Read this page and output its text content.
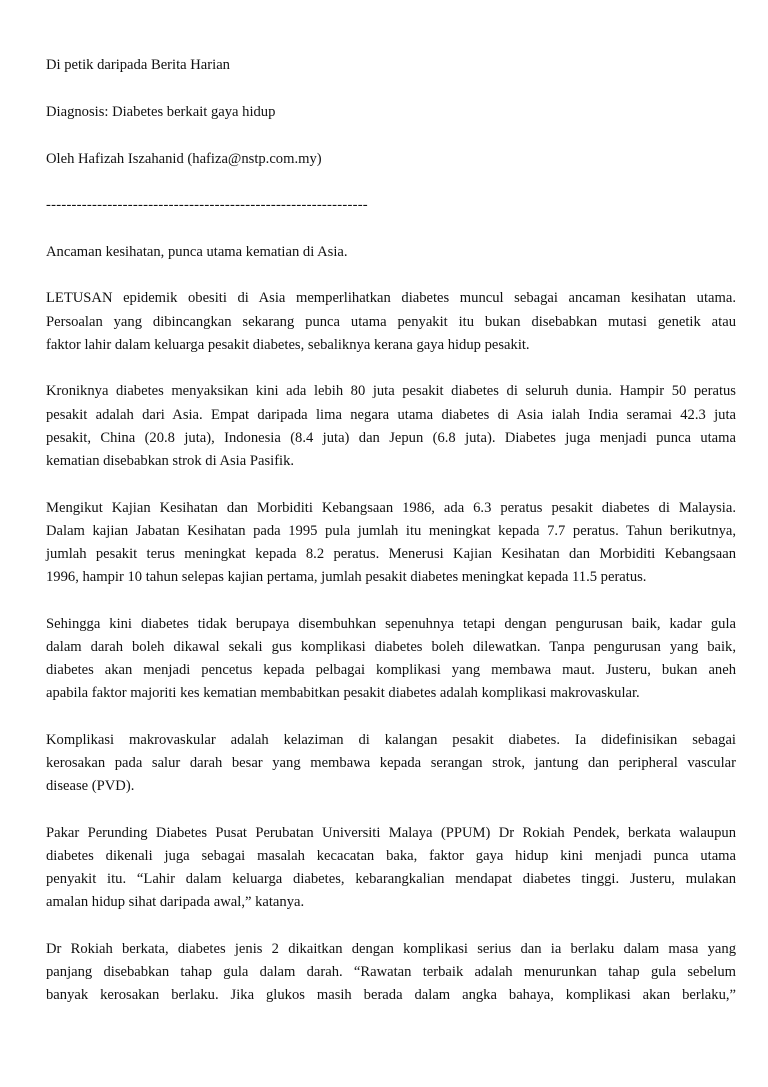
Di petik daripada Berita Harian
Diagnosis: Diabetes berkait gaya hidup
Oleh Hafizah Iszahanid (hafiza@nstp.com.my)
---------------------------------------------------------------
Ancaman kesihatan, punca utama kematian di Asia.
LETUSAN epidemik obesiti di Asia memperlihatkan diabetes muncul sebagai ancaman kesihatan utama.
Persoalan yang dibincangkan sekarang punca utama penyakit itu bukan disebabkan mutasi genetik atau
faktor lahir dalam keluarga pesakit diabetes, sebaliknya kerana gaya hidup pesakit.
Kroniknya diabetes menyaksikan kini ada lebih 80 juta pesakit diabetes di seluruh dunia. Hampir 50 peratus
pesakit adalah dari Asia. Empat daripada lima negara utama diabetes di Asia ialah India seramai 42.3 juta
pesakit, China (20.8 juta), Indonesia (8.4 juta) dan Jepun (6.8 juta). Diabetes juga menjadi punca utama
kematian disebabkan strok di Asia Pasifik.
Mengikut Kajian Kesihatan dan Morbiditi Kebangsaan 1986, ada 6.3 peratus pesakit diabetes di Malaysia.
Dalam kajian Jabatan Kesihatan pada 1995 pula jumlah itu meningkat kepada 7.7 peratus. Tahun berikutnya,
jumlah pesakit terus meningkat kepada 8.2 peratus. Menerusi Kajian Kesihatan dan Morbiditi Kebangsaan
1996, hampir 10 tahun selepas kajian pertama, jumlah pesakit diabetes meningkat kepada 11.5 peratus.
Sehingga kini diabetes tidak berupaya disembuhkan sepenuhnya tetapi dengan pengurusan baik, kadar gula
dalam darah boleh dikawal sekali gus komplikasi diabetes boleh dilewatkan. Tanpa pengurusan yang baik,
diabetes akan menjadi pencetus kepada pelbagai komplikasi yang membawa maut. Justeru, bukan aneh
apabila faktor majoriti kes kematian membabitkan pesakit diabetes adalah komplikasi makrovaskular.
Komplikasi makrovaskular adalah kelaziman di kalangan pesakit diabetes. Ia didefinisikan sebagai
kerosakan pada salur darah besar yang membawa kepada serangan strok, jantung dan peripheral vascular
disease (PVD).
Pakar Perunding Diabetes Pusat Perubatan Universiti Malaya (PPUM) Dr Rokiah Pendek, berkata walaupun
diabetes dikenali juga sebagai masalah kecacatan baka, faktor gaya hidup kini menjadi punca utama
penyakit itu. “Lahir dalam keluarga diabetes, kebarangkalian mendapat diabetes tinggi. Justeru, mulakan
amalan hidup sihat daripada awal,” katanya.
Dr Rokiah berkata, diabetes jenis 2 dikaitkan dengan komplikasi serius dan ia berlaku dalam masa yang
panjang disebabkan tahap gula dalam darah. “Rawatan terbaik adalah menurunkan tahap gula sebelum
banyak kerosakan berlaku. Jika glukos masih berada dalam angka bahaya, komplikasi akan berlaku,”
